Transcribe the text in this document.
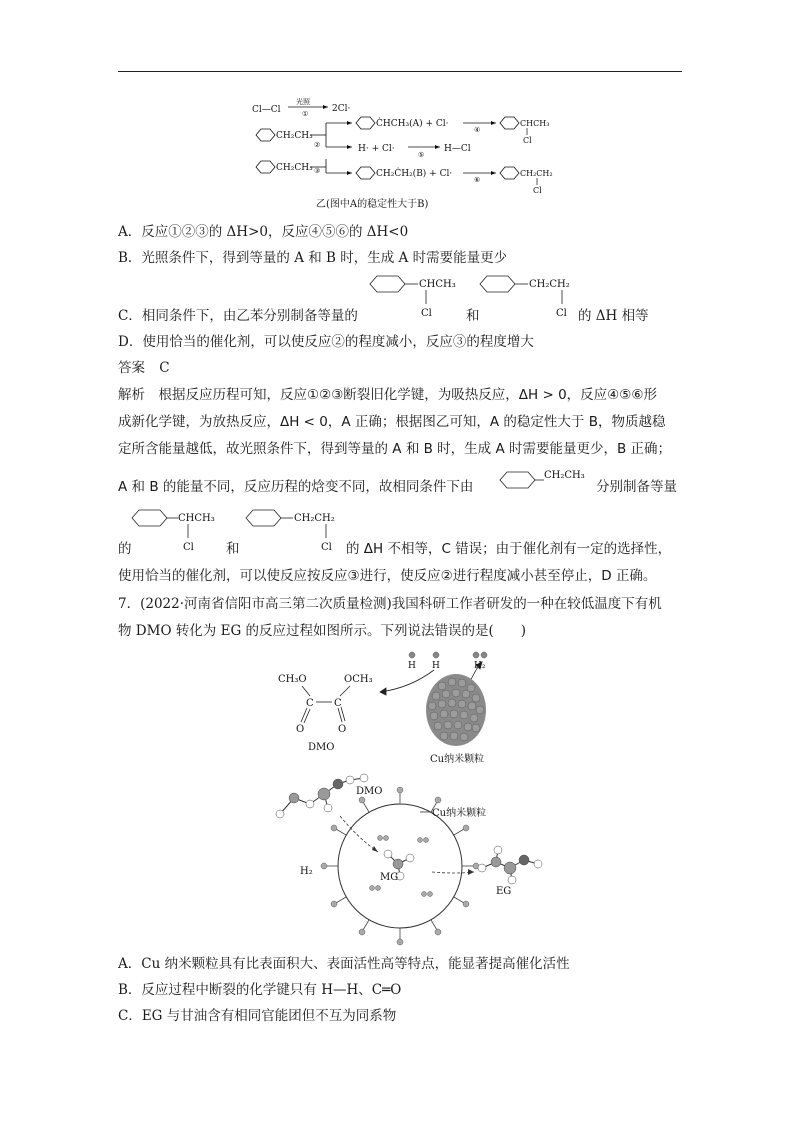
Cl—Cl
光照
①	2Cl·
CH₂CH₃
②
ĊHCH₃(A) + Cl·
④
CHCH₃
Cl
H· + Cl·
⑤
H—Cl
CH₂CH₃ ③	CH₂ĊH₂(B) + Cl·
⑥
CH₂CH₂
Cl
乙(图中A的稳定性大于B)
A．反应①②③的 ΔH>0，反应④⑤⑥的 ΔH<0
B．光照条件下，得到等量的 A 和 B 时，生成 A 时需要能量更少
C．相同条件下，由乙苯分别制备等量的
CHCH₃
Cl
CH₂CH₂
Cl
和	的 ΔH 相等
D．使用恰当的催化剂，可以使反应②的程度减小，反应③的程度增大
答案 C
解析　根据反应历程可知，反应①②③断裂旧化学键，为吸热反应，ΔH > 0，反应④⑤⑥形
成新化学键，为放热反应，ΔH < 0，A 正确；根据图乙可知，A 的稳定性大于 B，物质越稳
定所含能量越低，故光照条件下，得到等量的 A 和 B 时，生成 A 时需要能量更少，B 正确；
A 和 B 的能量不同，反应历程的焓变不同，故相同条件下由
CH₂CH₃
分别制备等量
CHCH₃
Cl
CH₂CH₂
Cl
的	和	的 ΔH 不相等，C 错误；由于催化剂有一定的选择性，
使用恰当的催化剂，可以使反应按反应③进行，使反应②进行程度减小甚至停止，D 正确。
7．(2022·河南省信阳市高三第二次质量检测)我国科研工作者研发的一种在较低温度下有机
物 DMO 转化为 EG 的反应过程如图所示。下列说法错误的是(　　)
CH₃O	OCH₃
C C
O	O
DMO
H H	H₂
Cu纳米颗粒
DMO
Cu纳米颗粒
H₂
MG
EG
A．Cu 纳米颗粒具有比表面积大、表面活性高等特点，能显著提高催化活性
B．反应过程中断裂的化学键只有 H—H、C═O
C．EG 与甘油含有相同官能团但不互为同系物
